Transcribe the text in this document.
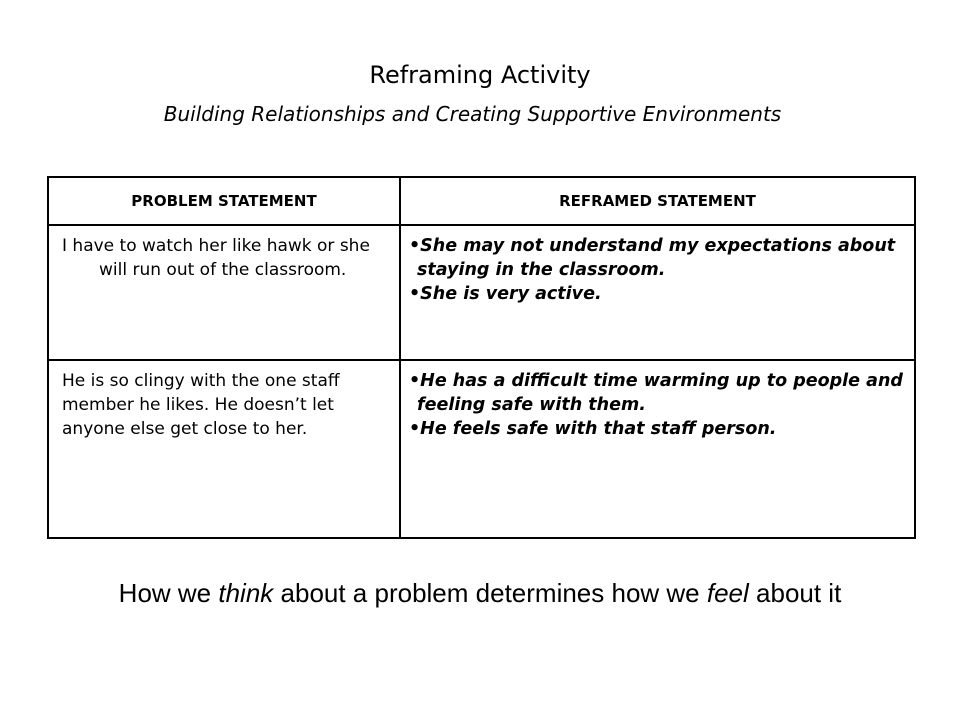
Reframing Activity
Building Relationships and Creating Supportive Environments
PROBLEM STATEMENT	REFRAMED STATEMENT

I have to watch her like hawk or she will run out of the classroom.	•She may not understand my expectations about staying in the classroom.
•She is very active.

He is so clingy with the one staff member he likes. He doesn’t let anyone else get close to her.	•He has a difficult time warming up to people and feeling safe with them.
•He feels safe with that staff person.
How we think about a problem determines how we feel about it
